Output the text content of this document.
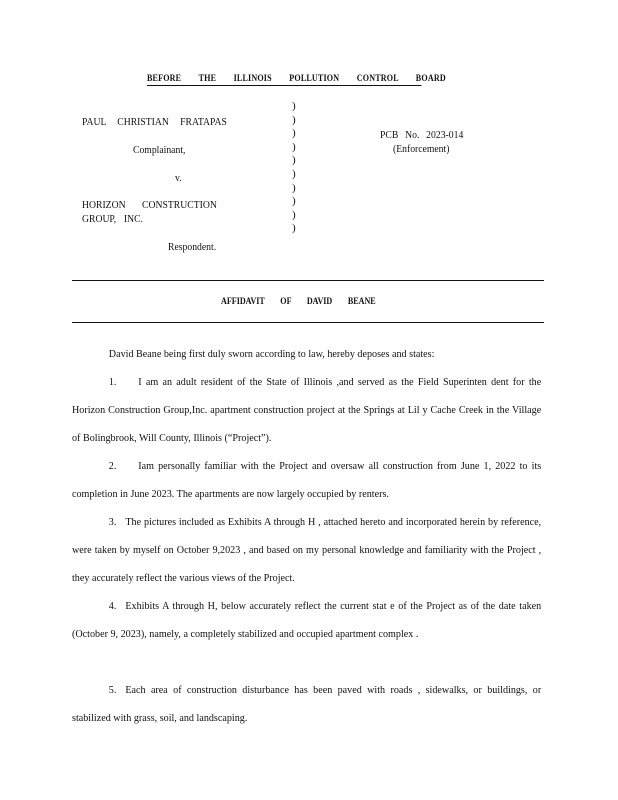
BEFORE THE ILLINOIS POLLUTION CONTROL BOARD
PAUL CHRISTIAN FRATAPAS
Complainant,
v.
HORIZON CONSTRUCTION
GROUP, INC.
Respondent.
)
)
)
)
)
)
)
)
)
)
PCB No. 2023-014
(Enforcement)
AFFIDAVIT OF DAVID BEANE
David Beane being first duly sworn according to law, hereby deposes and states:
1. I am an adult resident of the State of Illinois ,and served as the Field Superinten dent for the Horizon Construction Group,Inc. apartment construction project at the Springs at Lil y Cache Creek in the Village of Bolingbrook, Will County, Illinois (“Project”).
2. Iam personally familiar with the Project and oversaw all construction from June 1, 2022 to its completion in June 2023. The apartments are now largely occupied by renters.
3. The pictures included as Exhibits A through H , attached hereto and incorporated herein by reference, were taken by myself on October 9,2023 , and based on my personal knowledge and familiarity with the Project , they accurately reflect the various views of the Project.
4. Exhibits A through H, below accurately reflect the current stat e of the Project as of the date taken (October 9, 2023), namely, a completely stabilized and occupied apartment complex .
5. Each area of construction disturbance has been paved with roads , sidewalks, or buildings, or stabilized with grass, soil, and landscaping.
